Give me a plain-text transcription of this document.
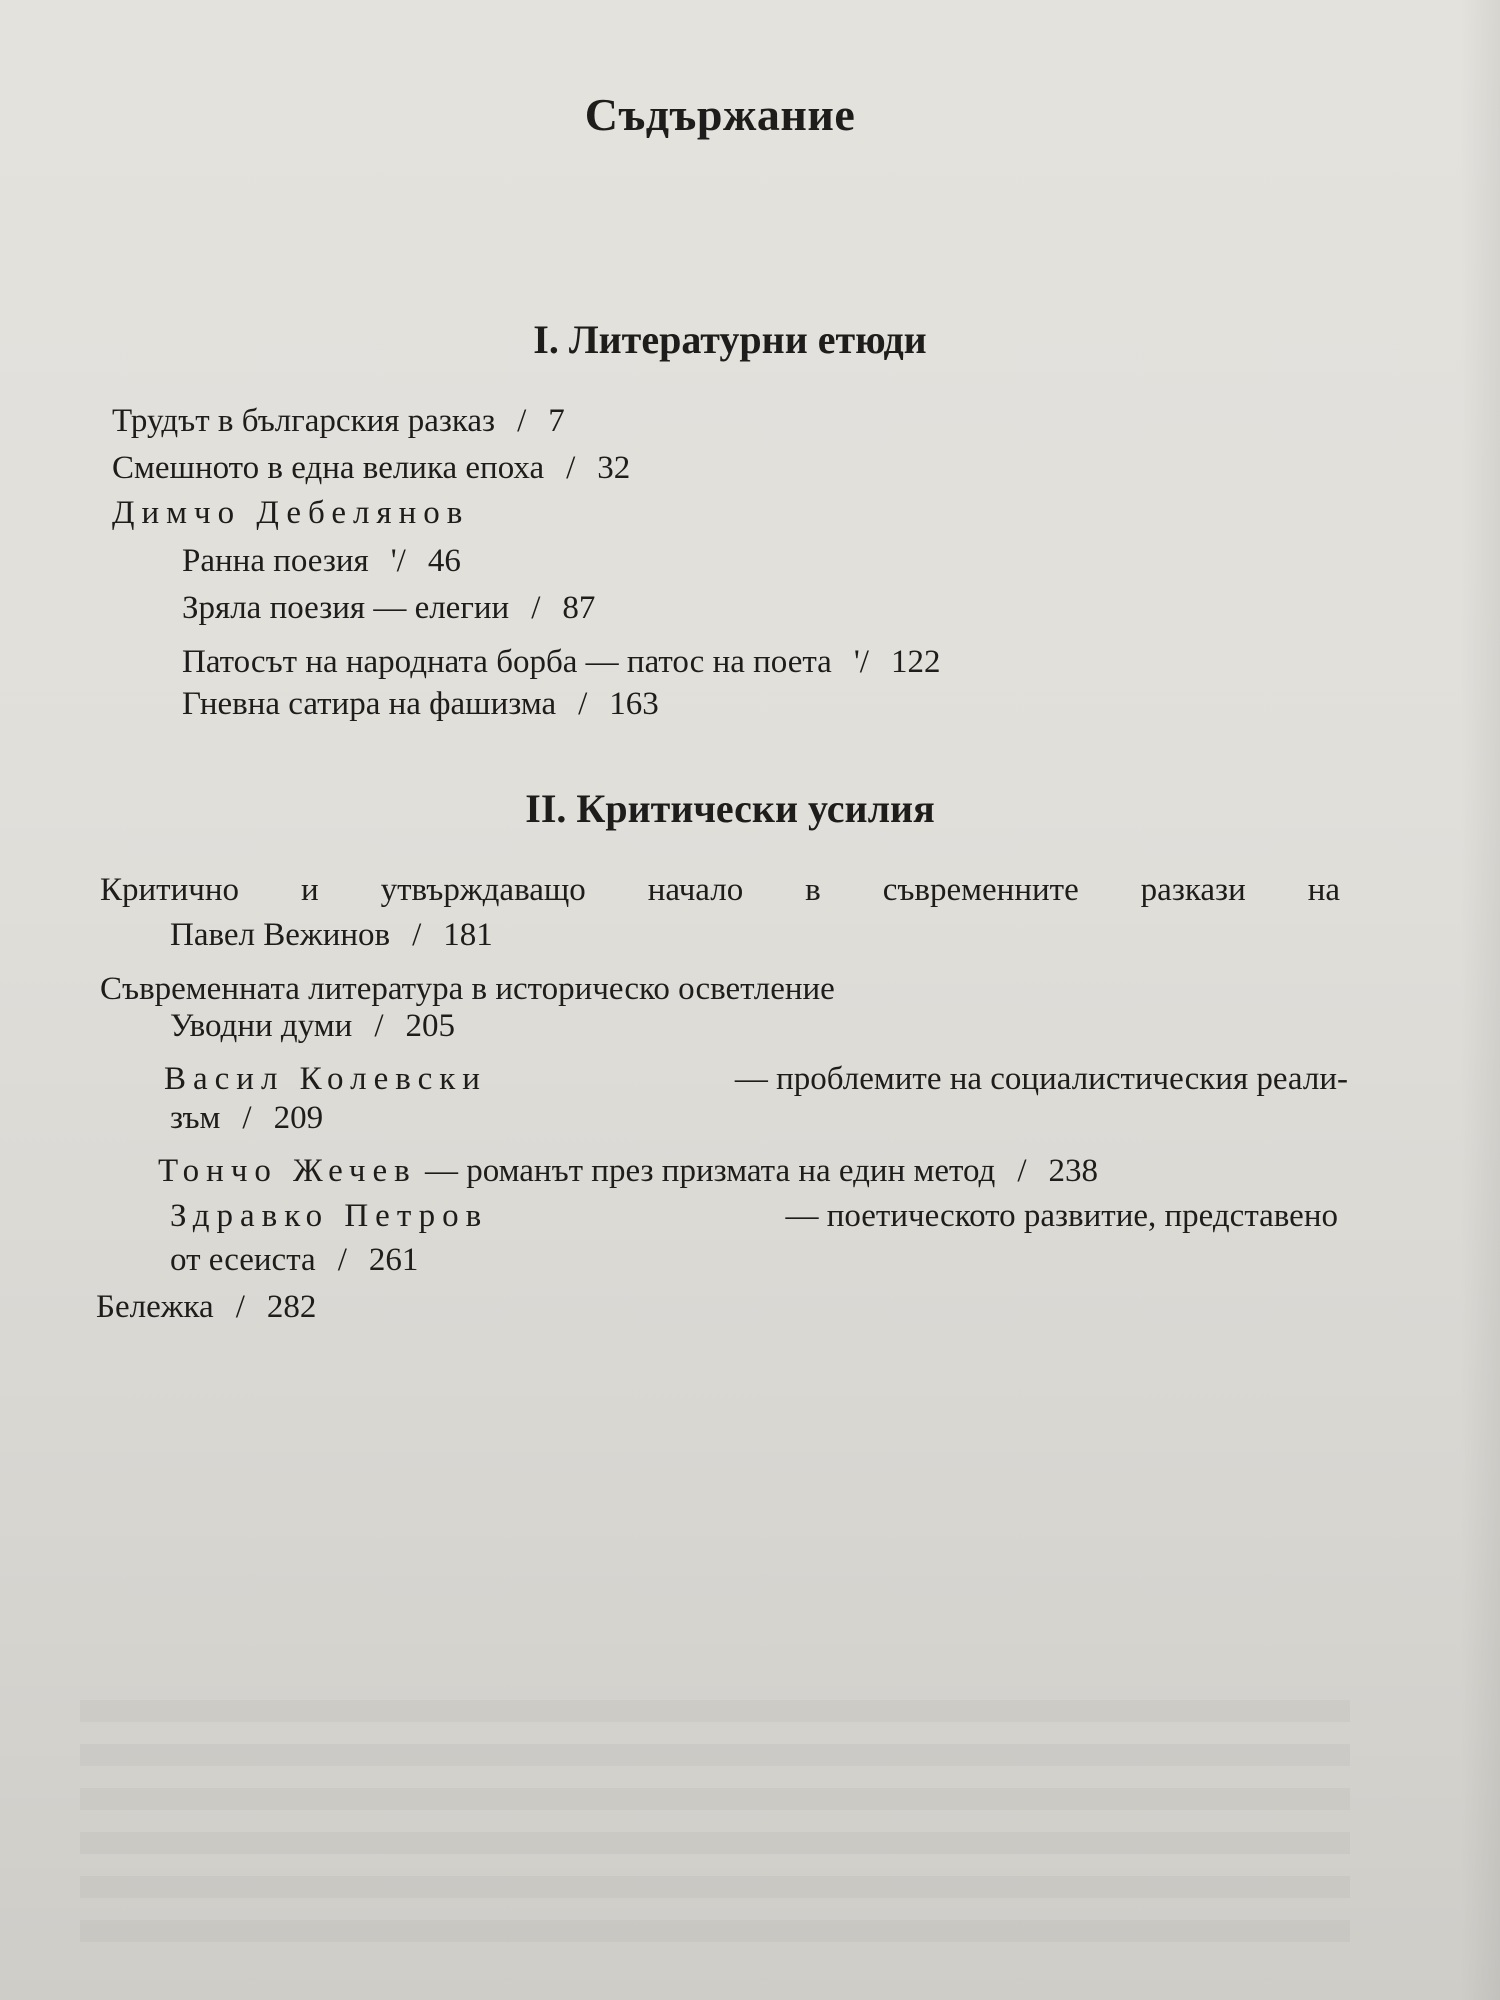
Съдържание
I. Литературни етюди
Трудът в българския разказ / 7
Смешното в една велика епоха / 32
Димчо Дебелянов
Ранна поезия '/ 46
Зряла поезия — елегии / 87
Патосът на народната борба — патос на поета '/ 122
Гневна сатира на фашизма / 163
II. Критически усилия
Критично и утвърждаващо начало в съвременните разкази на
Павел Вежинов / 181
Съвременната литература в историческо осветление
Уводни думи / 205
Васил Колевски	— проблемите на социалистическия реали-
зъм / 209
Тончо Жечев — романът през призмата на един метод / 238
Здравко Петров	— поетическото развитие, представено
от есеиста / 261
Бележка / 282
